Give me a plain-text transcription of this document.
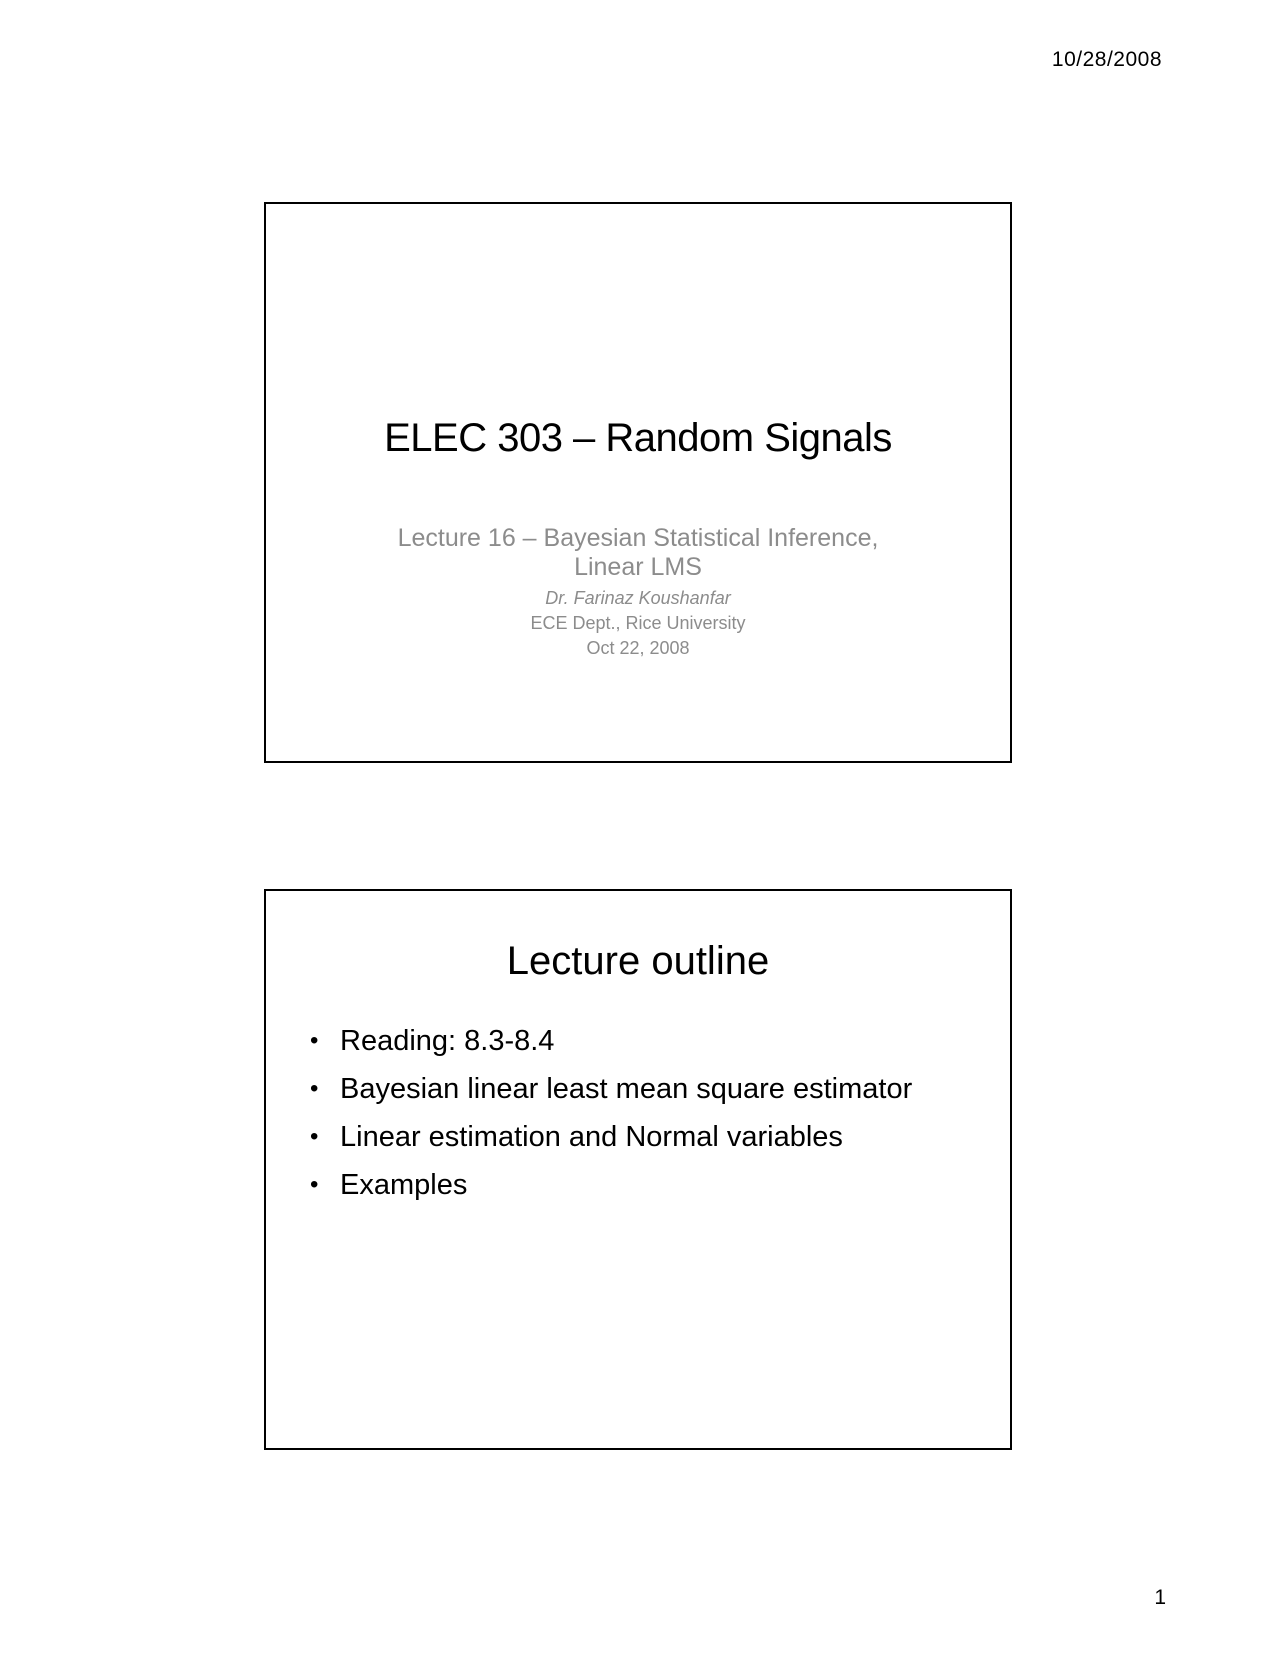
10/28/2008
ELEC 303 – Random Signals
Lecture 16 – Bayesian Statistical Inference,
Linear LMS
Dr. Farinaz Koushanfar
ECE Dept., Rice University
Oct 22, 2008
Lecture outline
• Reading: 8.3-8.4
• Bayesian linear least mean square estimator
• Linear estimation and Normal variables
• Examples
1
